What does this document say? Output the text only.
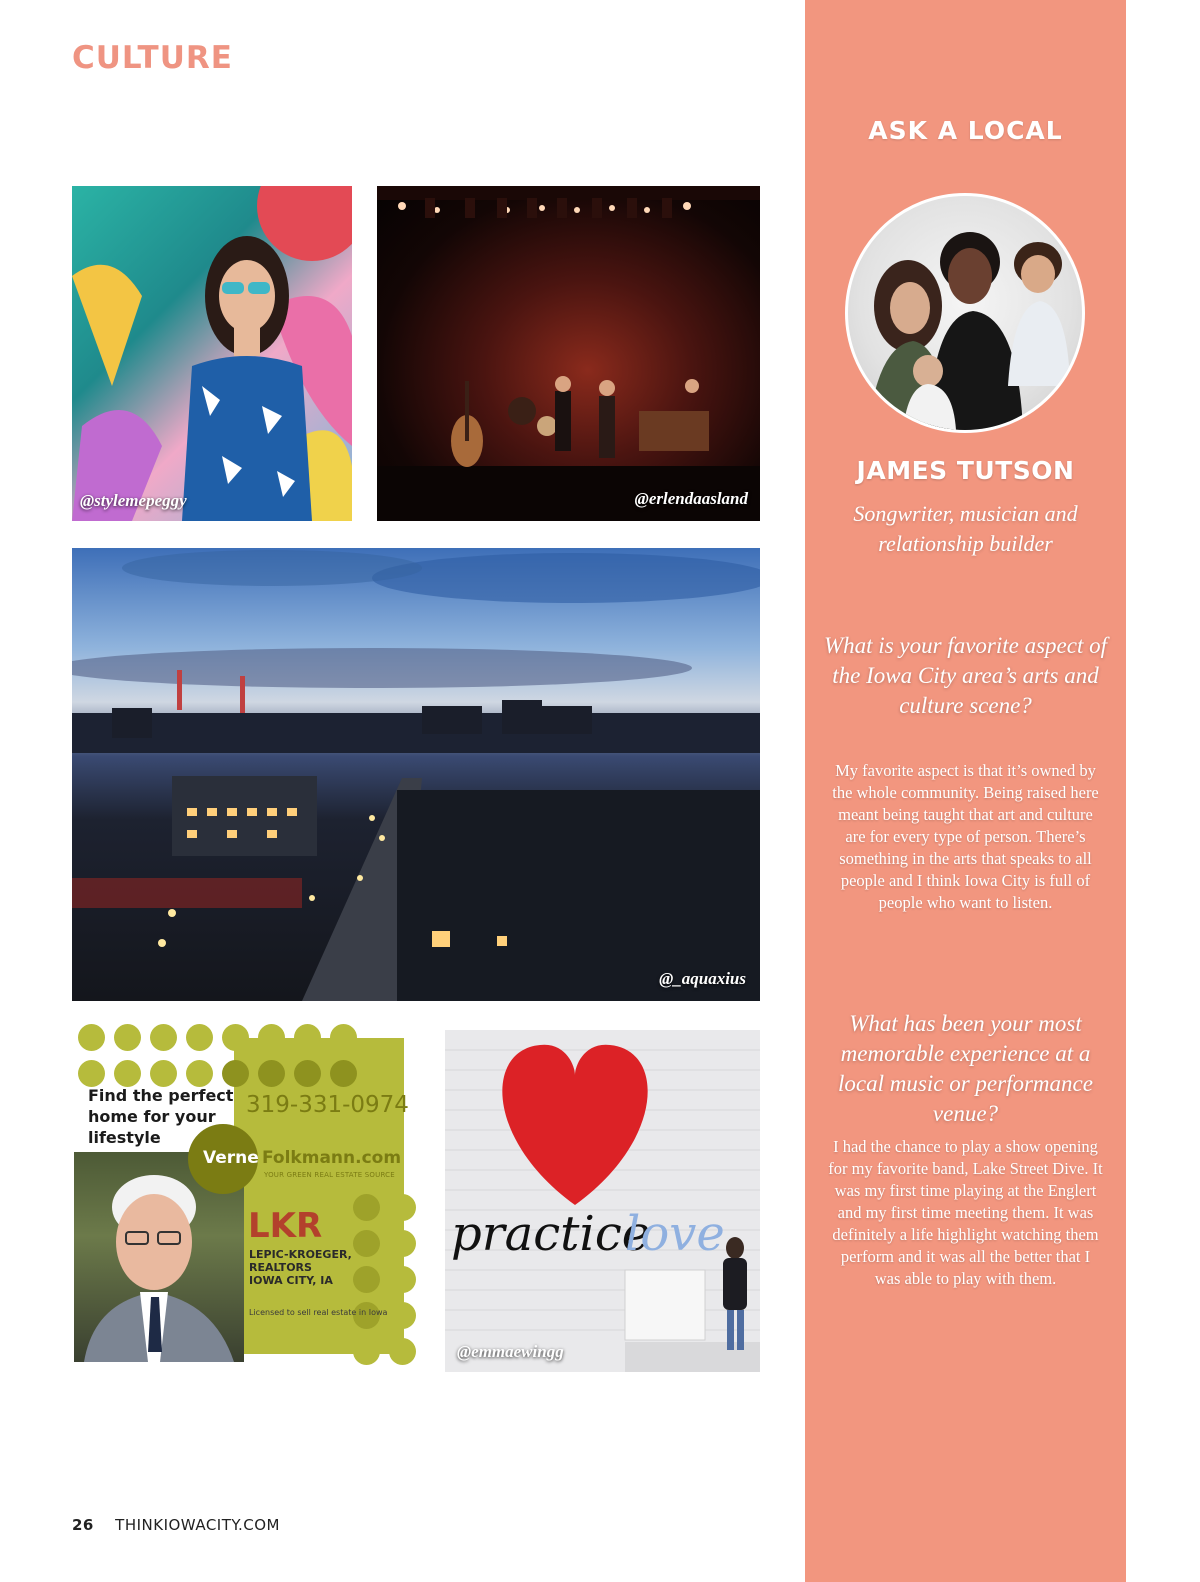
CULTURE
@stylemepeggy	@erlendaasland
@_aquaxius
Find the perfect home for your lifestyle
319-331-0974
Verne Folkmann.com
YOUR GREEN REAL ESTATE SOURCE
LKR
LEPIC-KROEGER,
REALTORS
IOWA CITY, IA
Licensed to sell real estate in Iowa
practice
love
@emmaewingg
ASK A LOCAL
JAMES TUTSON
Songwriter, musician and relationship builder
What is your favorite aspect of the Iowa City area’s arts and culture scene?
My favorite aspect is that it’s owned by the whole community. Being raised here meant being taught that art and culture are for every type of person. There’s something in the arts that speaks to all people and I think Iowa City is full of people who want to listen.
What has been your most memorable experience at a local music or performance venue?
I had the chance to play a show opening for my favorite band, Lake Street Dive. It was my first time playing at the Englert and my first time meeting them. It was definitely a life highlight watching them perform and it was all the better that I was able to play with them.
26 THINKIOWACITY.COM
